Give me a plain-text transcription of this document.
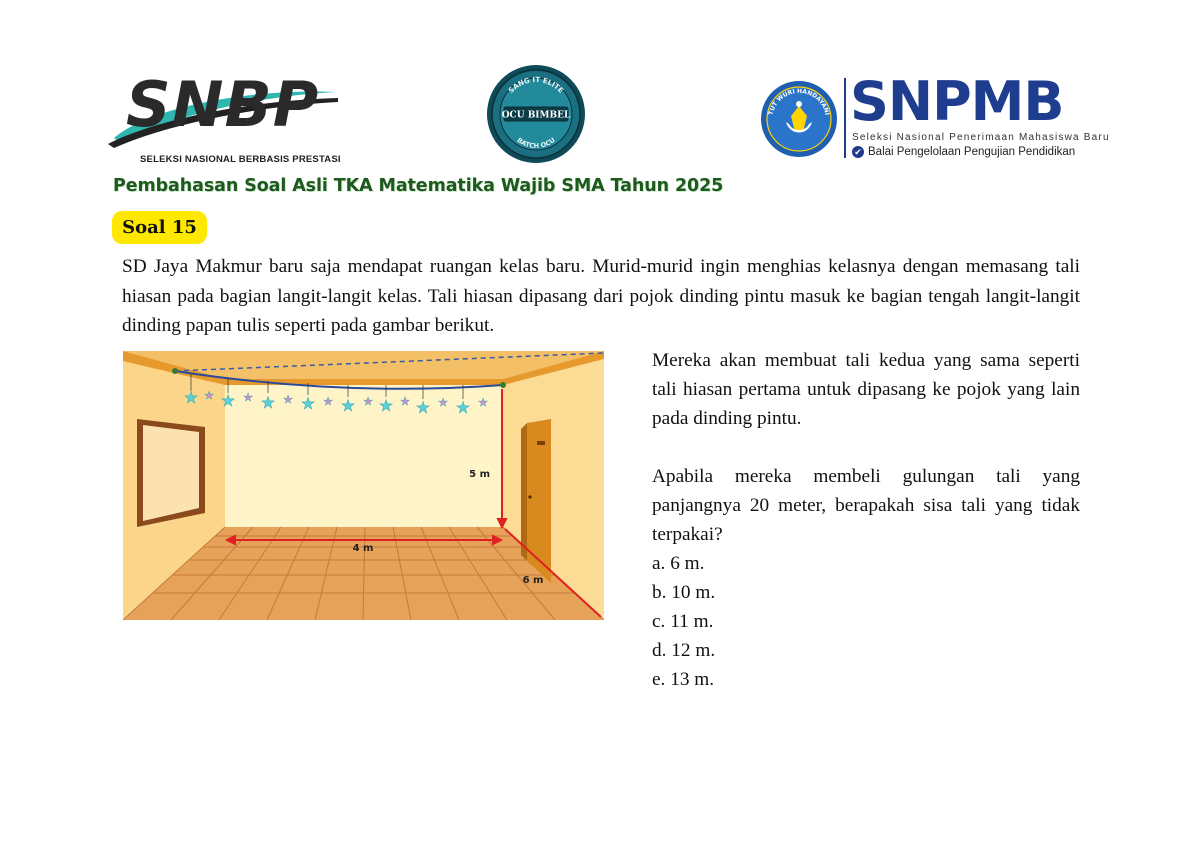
SNBP
SELEKSI NASIONAL BERBASIS PRESTASI
SANG IT ELITE
BATCH OCU
OCU BIMBEL	TUT WURI HANDAYANI SNPMB
Seleksi Nasional Penerimaan Mahasiswa Baru
✔ Balai Pengelolaan Pengujian Pendidikan
Pembahasan Soal Asli TKA Matematika Wajib SMA Tahun 2025
Soal 15

SD Jaya Makmur baru saja mendapat ruangan kelas baru. Murid-murid ingin menghias kelasnya dengan memasang tali hiasan pada bagian langit-langit kelas. Tali hiasan dipasang dari pojok dinding pintu masuk ke bagian tengah langit-langit dinding papan tulis seperti pada gambar berikut.

★ ★ ★ ★ ★ ★ ★ ★
★	★	★	★	★ ★	★	★
5 m
4 m
6 m

Mereka akan membuat tali kedua yang sama seperti tali hiasan pertama untuk dipasang ke pojok yang lain pada dinding pintu.

Apabila mereka membeli gulungan tali yang panjangnya 20 meter, berapakah sisa tali yang tidak terpakai?

a. 6 m.

b. 10 m.

c. 11 m.

d. 12 m.

e. 13 m.
